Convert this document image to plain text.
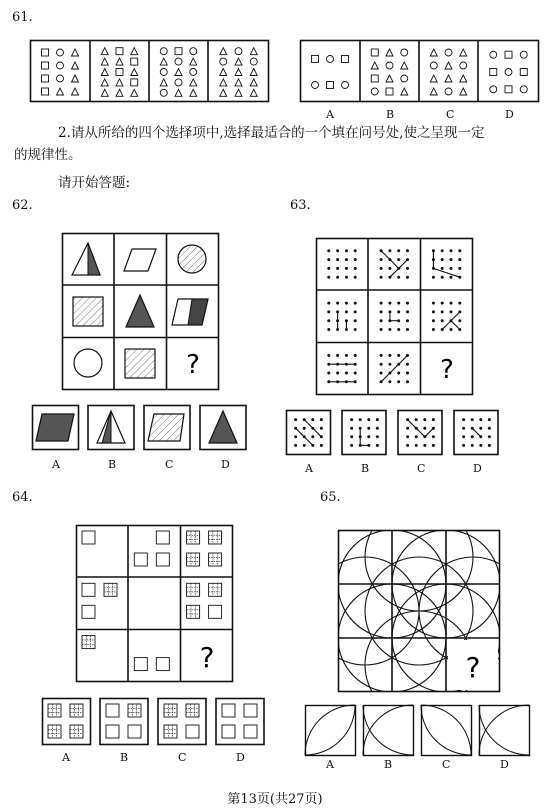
61.
A	B	C	D
2.请从所给的四个选择项中,选择最适合的一个填在问号处,使之呈现一定
的规律性。
请开始答题:
62.
?
A	B	C	D
63.
?
A	B	C	D
64.
?
A	B	C	D
65.
?
A	B	C	D
第13页(共27页)
